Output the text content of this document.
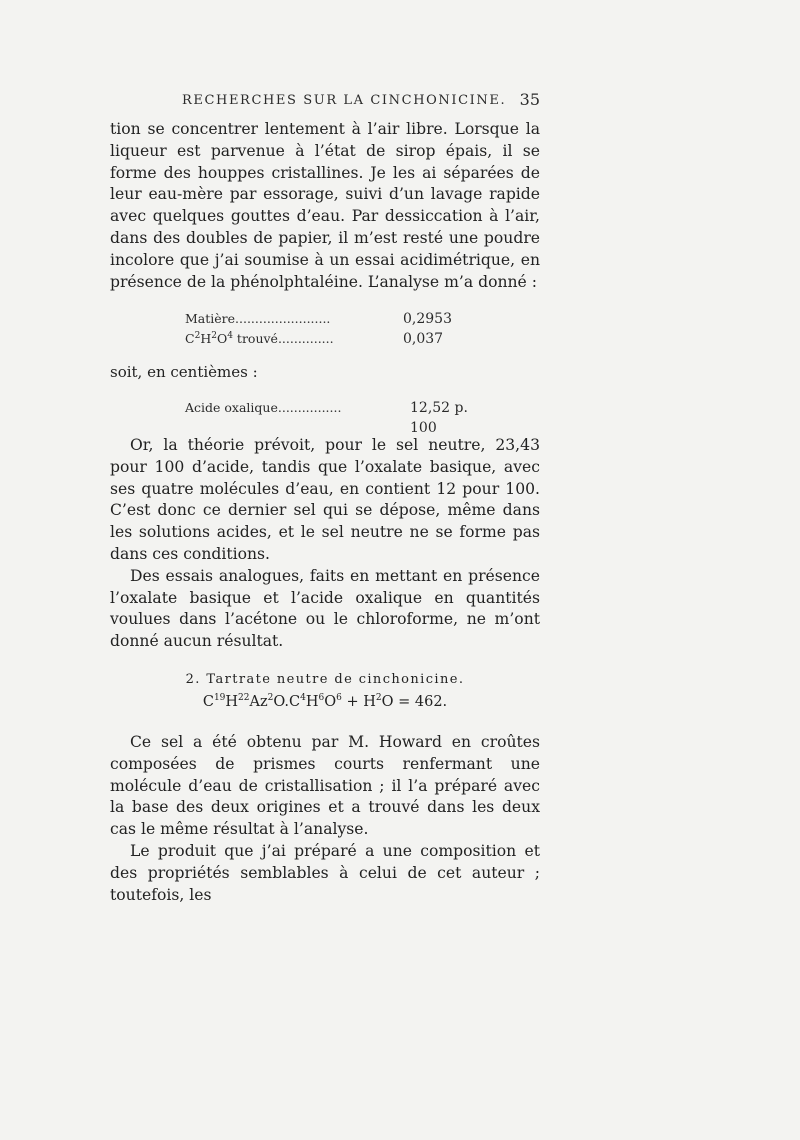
RECHERCHES SUR LA CINCHONICINE. 35

tion se concentrer lentement à l’air libre. Lorsque la liqueur est parvenue à l’état de sirop épais, il se forme des houppes cristallines. Je les ai séparées de leur eau-mère par essorage, suivi d’un lavage rapide avec quelques gouttes d’eau. Par dessiccation à l’air, dans des doubles de papier, il m’est resté une poudre incolore que j’ai soumise à un essai acidimétrique, en présence de la phénolphtaléine. L’analyse m’a donné :

Matière........................	0,2953
$C^2H^2O^4$ trouvé..............	0,037
soit, en centièmes :
Acide oxalique................	12,52 p. 100

Or, la théorie prévoit, pour le sel neutre, 23,43 pour 100 d’acide, tandis que l’oxalate basique, avec ses quatre molécules d’eau, en contient 12 pour 100. C’est donc ce dernier sel qui se dépose, même dans les solutions acides, et le sel neutre ne se forme pas dans ces conditions.

Des essais analogues, faits en mettant en présence l’oxalate basique et l’acide oxalique en quantités voulues dans l’acétone ou le chloroforme, ne m’ont donné aucun résultat.

2. Tartrate neutre de cinchonicine.
$C^{19}H^{22}Az^2O.C^4H^6O^6 + H^2O = 462$.

Ce sel a été obtenu par M. Howard en croûtes composées de prismes courts renfermant une molécule d’eau de cristallisation ; il l’a préparé avec la base des deux origines et a trouvé dans les deux cas le même résultat à l’analyse.

Le produit que j’ai préparé a une composition et des propriétés semblables à celui de cet auteur ; toutefois, les
